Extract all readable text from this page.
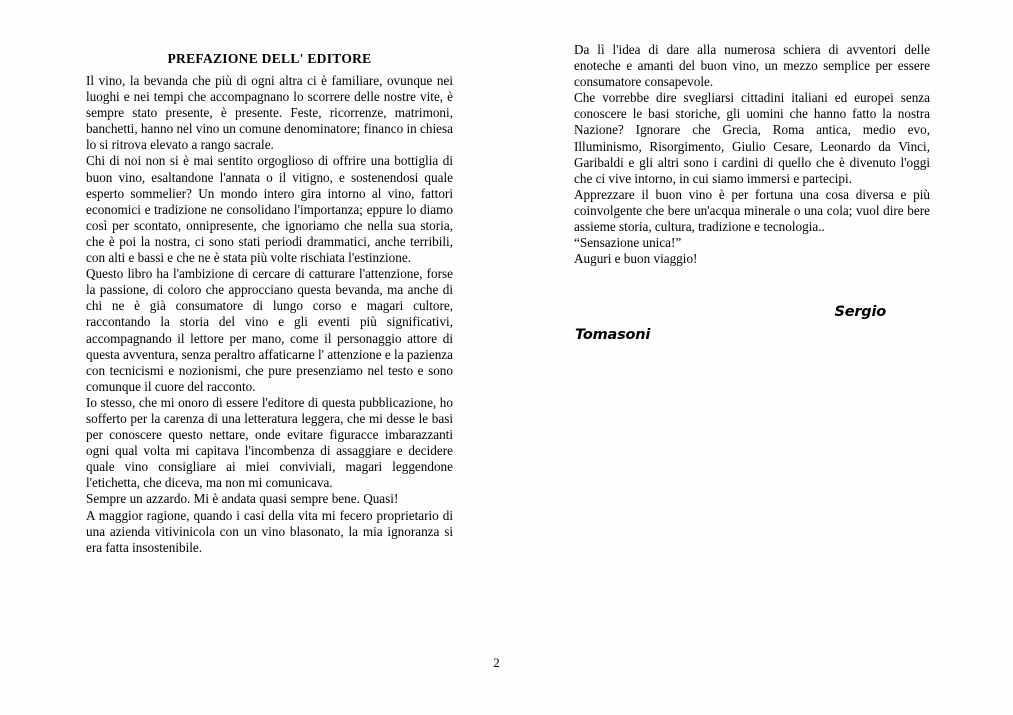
PREFAZIONE DELL' EDITORE

Il vino, la bevanda che più di ogni altra ci è familiare, ovunque nei luoghi e nei tempi che accompagnano lo scorrere delle nostre vite, è sempre stato presente, è presente. Feste, ricorrenze, matrimoni, banchetti, hanno nel vino un comune denominatore; financo in chiesa lo si ritrova elevato a rango sacrale.

Chi di noi non si è mai sentito orgoglioso di offrire una bottiglia di buon vino, esaltandone l'annata o il vitigno, e sostenendosi quale esperto sommelier? Un mondo intero gira intorno al vino, fattori economici e tradizione ne consolidano l'importanza; eppure lo diamo così per scontato, onnipresente, che ignoriamo che nella sua storia, che è poi la nostra, ci sono stati periodi drammatici, anche terribili, con alti e bassi e che ne è stata più volte rischiata l'estinzione.

Questo libro ha l'ambizione di cercare di catturare l'attenzione, forse la passione, di coloro che approcciano questa bevanda, ma anche di chi ne è già consumatore di lungo corso e magari cultore, raccontando la storia del vino e gli eventi più significativi, accompagnando il lettore per mano, come il personaggio attore di questa avventura, senza peraltro affaticarne l' attenzione e la pazienza con tecnicismi e nozionismi, che pure presenziamo nel testo e sono comunque il cuore del racconto.

Io stesso, che mi onoro di essere l'editore di questa pubblicazione, ho sofferto per la carenza di una letteratura leggera, che mi desse le basi per conoscere questo nettare, onde evitare figuracce imbarazzanti ogni qual volta mi capitava l'incombenza di assaggiare e decidere quale vino consigliare ai miei conviviali, magari leggendone l'etichetta, che diceva, ma non mi comunicava.

Sempre un azzardo. Mi è andata quasi sempre bene. Quasi!

A maggior ragione, quando i casi della vita mi fecero proprietario di una azienda vitivinicola con un vino blasonato, la mia ignoranza si era fatta insostenibile.

Da lì l'idea di dare alla numerosa schiera di avventori delle enoteche e amanti del buon vino, un mezzo semplice per essere consumatore consapevole.

Che vorrebbe dire svegliarsi cittadini italiani ed europei senza conoscere le basi storiche, gli uomini che hanno fatto la nostra Nazione? Ignorare che Grecia, Roma antica, medio evo, Illuminismo, Risorgimento, Giulio Cesare, Leonardo da Vinci, Garibaldi e gli altri sono i cardini di quello che è divenuto l'oggi che ci vive intorno, in cui siamo immersi e partecipi.

Apprezzare il buon vino è per fortuna una cosa diversa e più coinvolgente che bere un'acqua minerale o una cola; vuol dire bere assieme storia, cultura, tradizione e tecnologia..

“Sensazione unica!”

Auguri e buon viaggio!

Sergio
Tomasoni
2
